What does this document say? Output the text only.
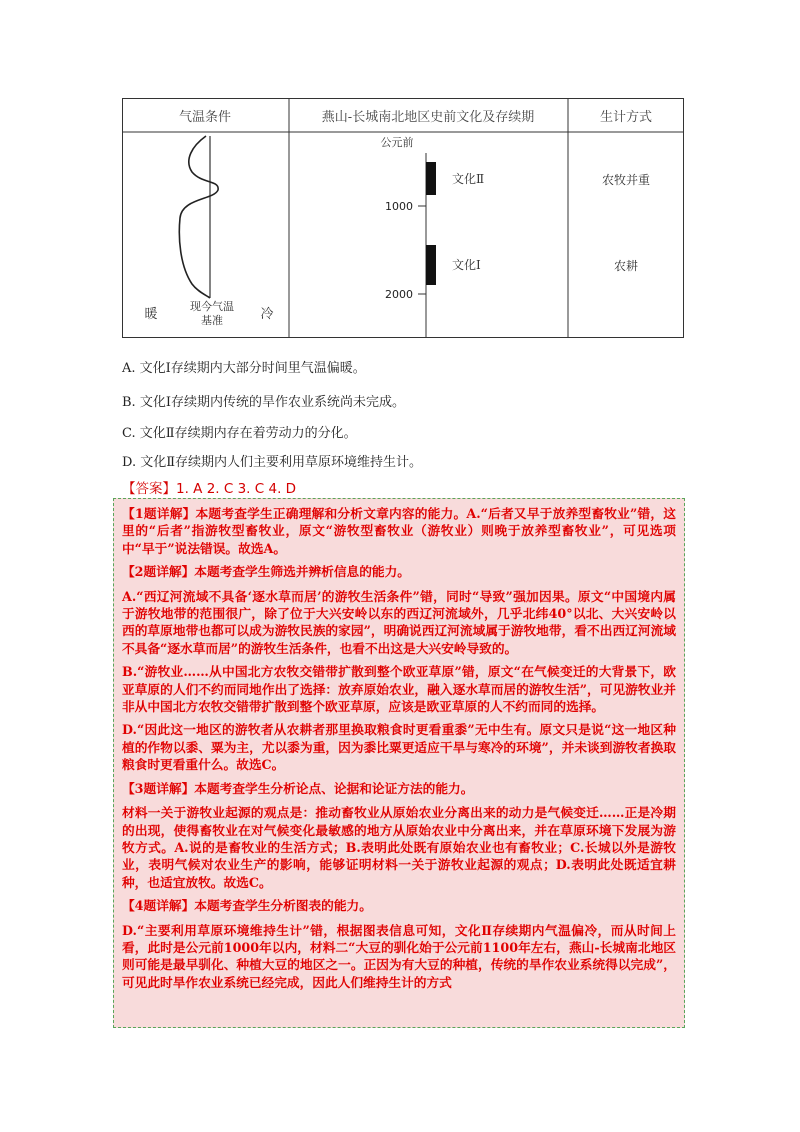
气温条件	燕山-长城南北地区史前文化及存续期	生计方式
暖	冷
现今气温
基准
公元前
1000
2000
文化Ⅱ
文化Ⅰ
农牧并重
农耕
A. 文化Ⅰ存续期内大部分时间里气温偏暖。
B. 文化Ⅰ存续期内传统的旱作农业系统尚未完成。
C. 文化Ⅱ存续期内存在着劳动力的分化。
D. 文化Ⅱ存续期内人们主要利用草原环境维持生计。
【答案】1. A 2. C 3. C 4. D

【1题详解】本题考查学生正确理解和分析文章内容的能力。A.“后者又早于放养型畜牧业”错，这里的“后者”指游牧型畜牧业，原文“游牧型畜牧业（游牧业）则晚于放养型畜牧业”，可见选项中“早于”说法错误。故选A。

【2题详解】本题考查学生筛选并辨析信息的能力。

A.“西辽河流域不具备‘逐水草而居’的游牧生活条件”错，同时“导致”强加因果。原文“中国境内属于游牧地带的范围很广，除了位于大兴安岭以东的西辽河流域外，几乎北纬40°以北、大兴安岭以西的草原地带也都可以成为游牧民族的家园”，明确说西辽河流域属于游牧地带，看不出西辽河流域不具备“逐水草而居”的游牧生活条件，也看不出这是大兴安岭导致的。

B.“游牧业……从中国北方农牧交错带扩散到整个欧亚草原”错，原文“在气候变迁的大背景下，欧亚草原的人们不约而同地作出了选择：放弃原始农业，融入逐水草而居的游牧生活”，可见游牧业并非从中国北方农牧交错带扩散到整个欧亚草原，应该是欧亚草原的人不约而同的选择。

D.“因此这一地区的游牧者从农耕者那里换取粮食时更看重黍”无中生有。原文只是说“这一地区种植的作物以黍、粟为主，尤以黍为重，因为黍比粟更适应干旱与寒冷的环境”，并未谈到游牧者换取粮食时更看重什么。故选C。

【3题详解】本题考查学生分析论点、论据和论证方法的能力。

材料一关于游牧业起源的观点是：推动畜牧业从原始农业分离出来的动力是气候变迁……正是冷期的出现，使得畜牧业在对气候变化最敏感的地方从原始农业中分离出来，并在草原环境下发展为游牧方式。A.说的是畜牧业的生活方式；B.表明此处既有原始农业也有畜牧业；C.长城以外是游牧业，表明气候对农业生产的影响，能够证明材料一关于游牧业起源的观点；D.表明此处既适宜耕种，也适宜放牧。故选C。

【4题详解】本题考查学生分析图表的能力。

D.“主要利用草原环境维持生计”错，根据图表信息可知，文化Ⅱ存续期内气温偏冷，而从时间上看，此时是公元前1000年以内，材料二“大豆的驯化始于公元前1100年左右，燕山-长城南北地区则可能是最早驯化、种植大豆的地区之一。正因为有大豆的种植，传统的旱作农业系统得以完成”，可见此时旱作农业系统已经完成，因此人们维持生计的方式
